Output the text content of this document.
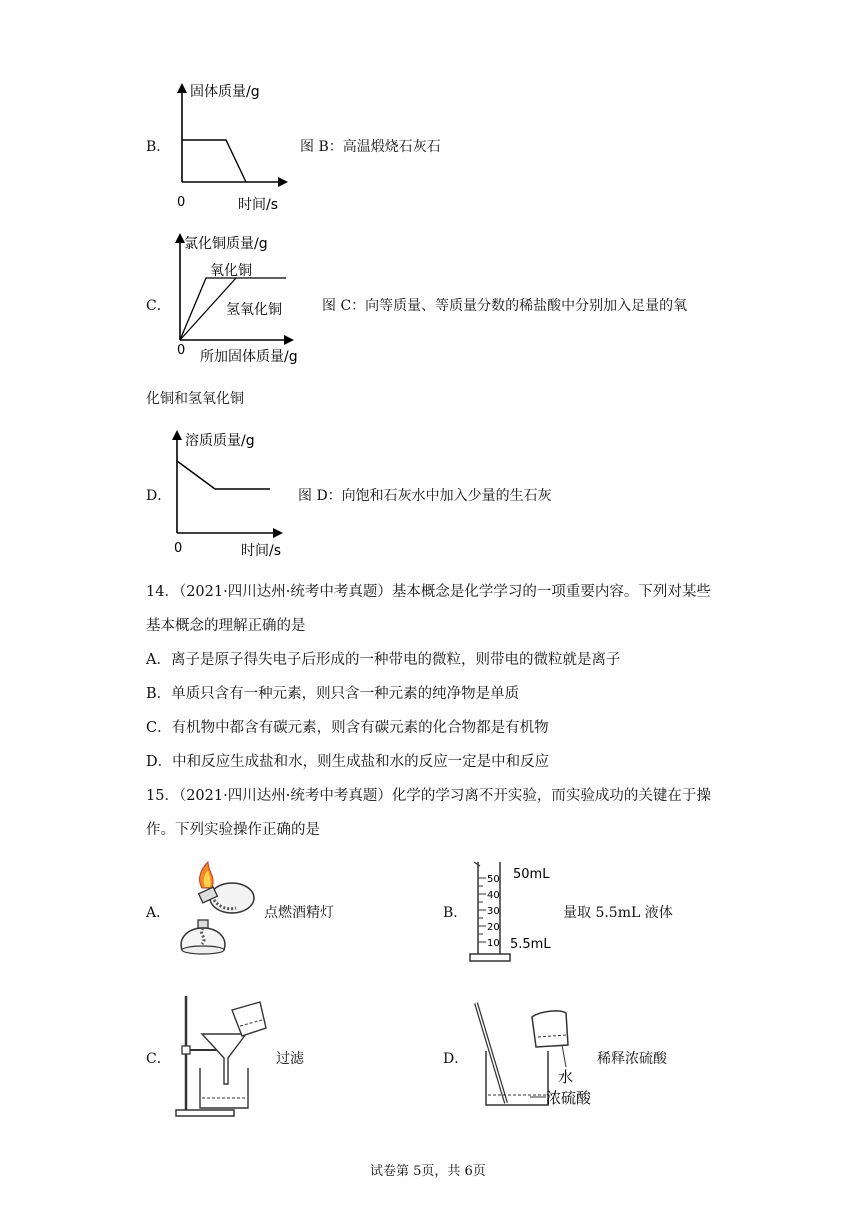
B．
固体质量/g
0	时间/s
图 B：高温煅烧石灰石
C．
氯化铜质量/g
氧化铜
氢氧化铜
0 所加固体质量/g
图 C：向等质量、等质量分数的稀盐酸中分别加入足量的氧
化铜和氢氧化铜
D．
溶质质量/g
0	时间/s
图 D：向饱和石灰水中加入少量的生石灰
14．（2021·四川达州·统考中考真题）基本概念是化学学习的一项重要内容。下列对某些
基本概念的理解正确的是
A．离子是原子得失电子后形成的一种带电的微粒，则带电的微粒就是离子
B．单质只含有一种元素，则只含一种元素的纯净物是单质
C．有机物中都含有碳元素，则含有碳元素的化合物都是有机物
D．中和反应生成盐和水，则生成盐和水的反应一定是中和反应
15．（2021·四川达州·统考中考真题）化学的学习离不开实验，而实验成功的关键在于操
作。下列实验操作正确的是
A．	点燃酒精灯	B．
50
40
30
20
10
50mL
5.5mL
量取 5.5mL 液体
C．	过滤	D．
水
浓硫酸
稀释浓硫酸
试卷第 5页，共 6页
